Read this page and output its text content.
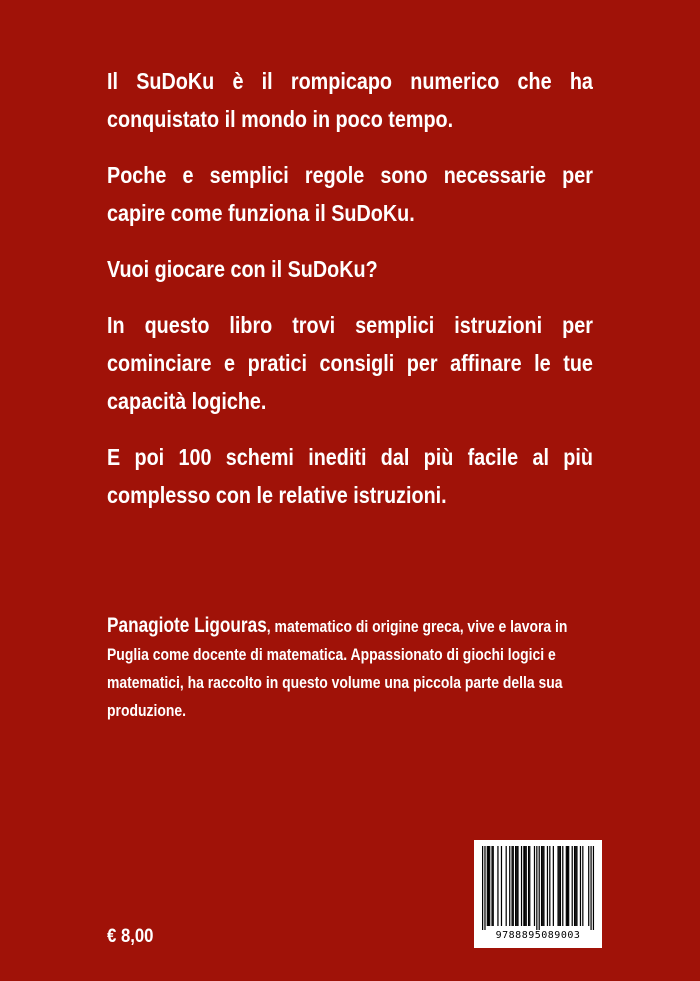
Il SuDoKu è il rompicapo numerico che ha conquistato il mondo in poco tempo.

Poche e semplici regole sono necessarie per capire come funziona il SuDoKu.

Vuoi giocare con il SuDoKu?

In questo libro trovi semplici istruzioni per cominciare e pratici consigli per affinare le tue capacità logiche.

E poi 100 schemi inediti dal più facile al più complesso con le relative istruzioni.

Panagiote Ligouras, matematico di origine greca, vive e lavora in Puglia come docente di matematica. Appassionato di giochi logici e matematici, ha raccolto in questo volume una piccola parte della sua produzione.

€ 8,00	9788895089003
